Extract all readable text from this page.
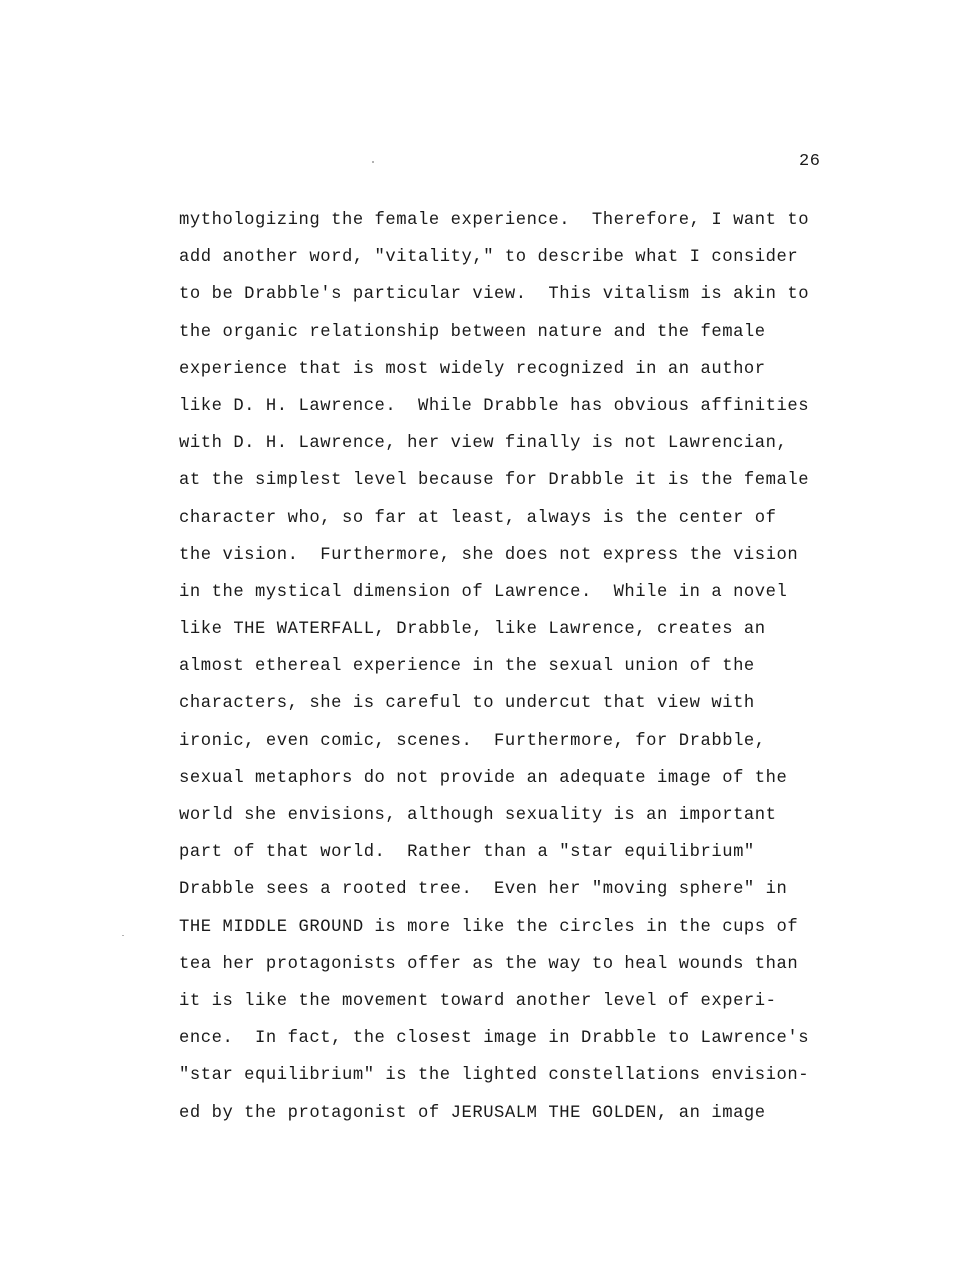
26
mythologizing the female experience.  Therefore, I want to
add another word, "vitality," to describe what I consider
to be Drabble's particular view.  This vitalism is akin to
the organic relationship between nature and the female
experience that is most widely recognized in an author
like D. H. Lawrence.  While Drabble has obvious affinities
with D. H. Lawrence, her view finally is not Lawrencian,
at the simplest level because for Drabble it is the female
character who, so far at least, always is the center of
the vision.  Furthermore, she does not express the vision
in the mystical dimension of Lawrence.  While in a novel
like THE WATERFALL, Drabble, like Lawrence, creates an
almost ethereal experience in the sexual union of the
characters, she is careful to undercut that view with
ironic, even comic, scenes.  Furthermore, for Drabble,
sexual metaphors do not provide an adequate image of the
world she envisions, although sexuality is an important
part of that world.  Rather than a "star equilibrium"
Drabble sees a rooted tree.  Even her "moving sphere" in
THE MIDDLE GROUND is more like the circles in the cups of
tea her protagonists offer as the way to heal wounds than
it is like the movement toward another level of experi-
ence.  In fact, the closest image in Drabble to Lawrence's
"star equilibrium" is the lighted constellations envision-
ed by the protagonist of JERUSALM THE GOLDEN, an image
